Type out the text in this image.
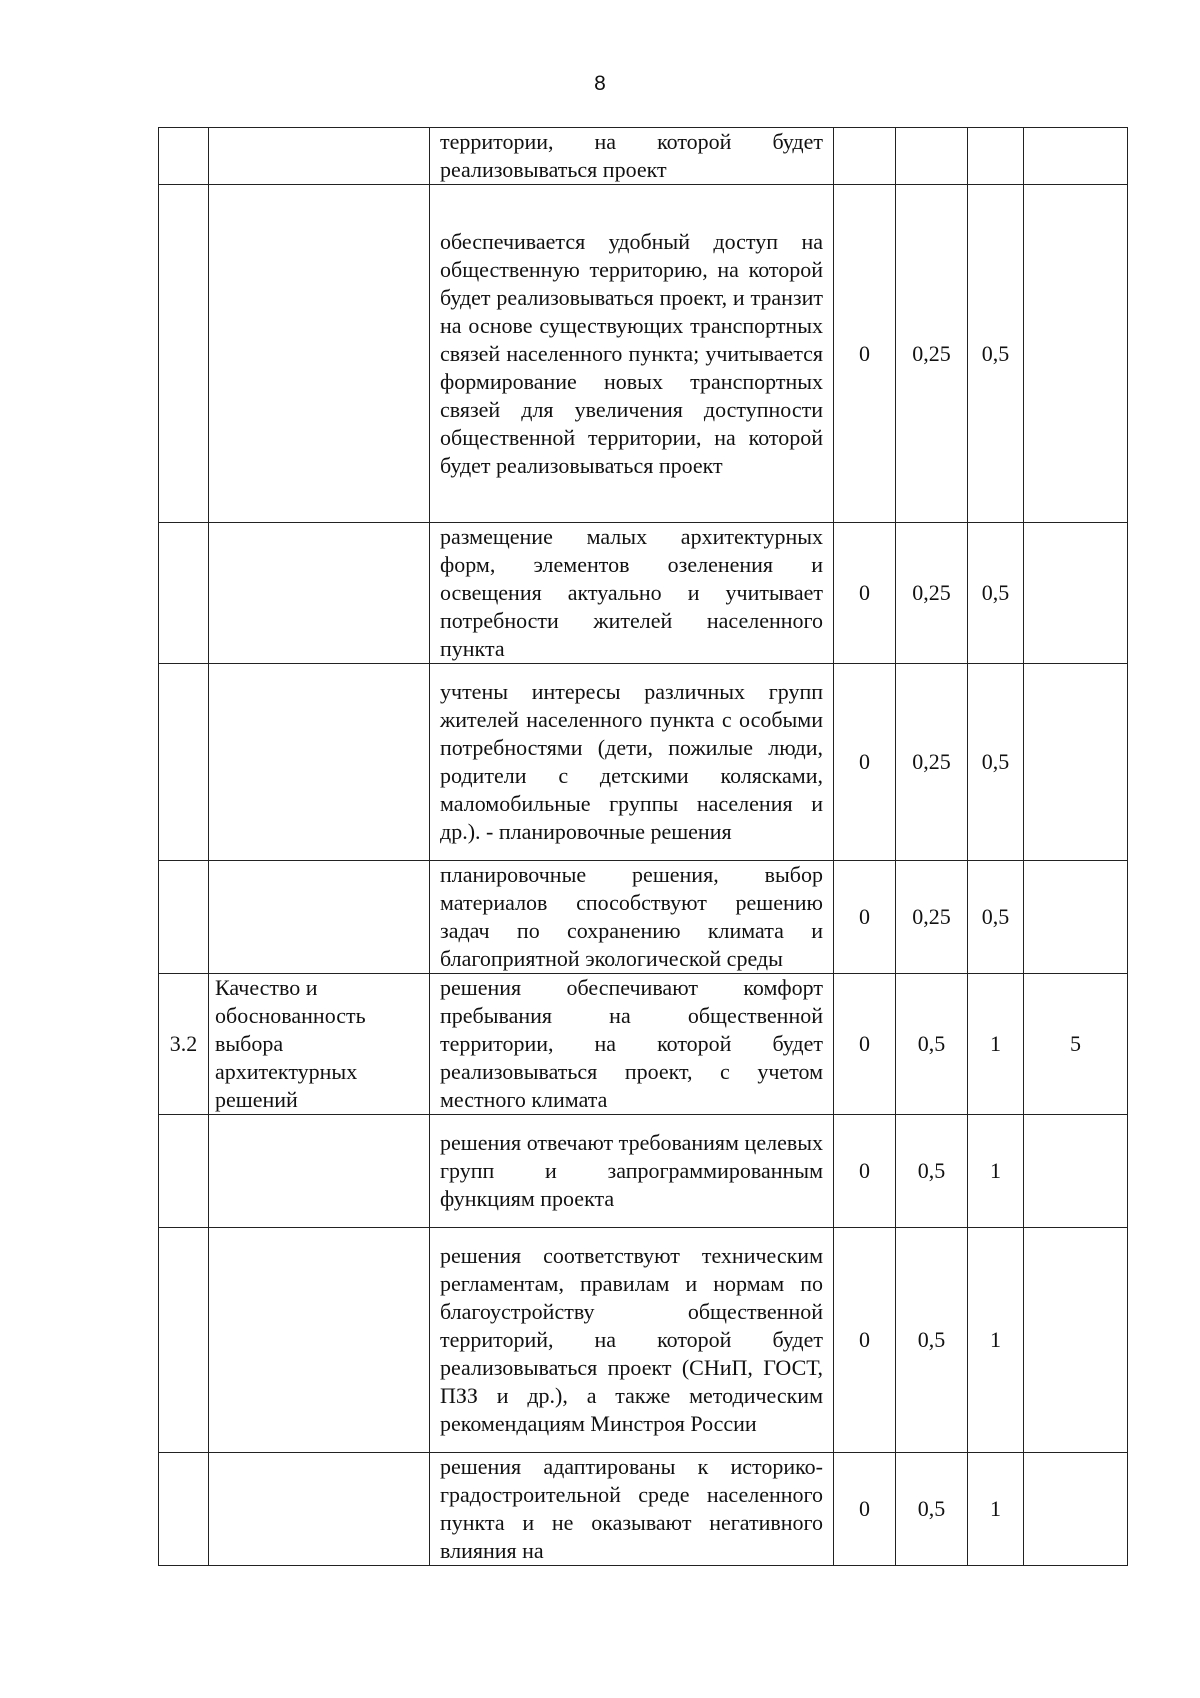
8

		территории, на которой будет реализовываться проект				

		обеспечивается удобный доступ на общественную территорию, на которой будет реализовываться проект, и транзит на основе существующих транспортных связей населенного пункта; учитывается формирование новых транспортных связей для увеличения доступности общественной территории, на которой будет реализовываться проект	0	0,25	0,5	

		размещение малых архитектурных форм, элементов озеленения и освещения актуально и учитывает потребности жителей населенного пункта	0	0,25	0,5	

		учтены интересы различных групп жителей населенного пункта с особыми потребностями (дети, пожилые люди, родители с детскими колясками, маломобильные группы населения и др.). - планировочные решения	0	0,25	0,5	

		планировочные решения, выбор материалов способствуют решению задач по сохранению климата и благоприятной экологической среды	0	0,25	0,5	
3.2	Качество и обоснованность выбора архитектурных решений	решения обеспечивают комфорт пребывания на общественной территории, на которой будет реализовываться проект, с учетом местного климата	0	0,5	1	5

		решения отвечают требованиям целевых групп и запрограммированным функциям проекта	0	0,5	1	

		решения соответствуют техническим регламентам, правилам и нормам по благоустройству общественной территорий, на которой будет реализовываться проект (СНиП, ГОСТ, ПЗЗ и др.), а также методическим рекомендациям Минстроя России	0	0,5	1	

		решения адаптированы к историко-градостроительной среде населенного пункта и не оказывают негативного влияния на	0	0,5	1	
